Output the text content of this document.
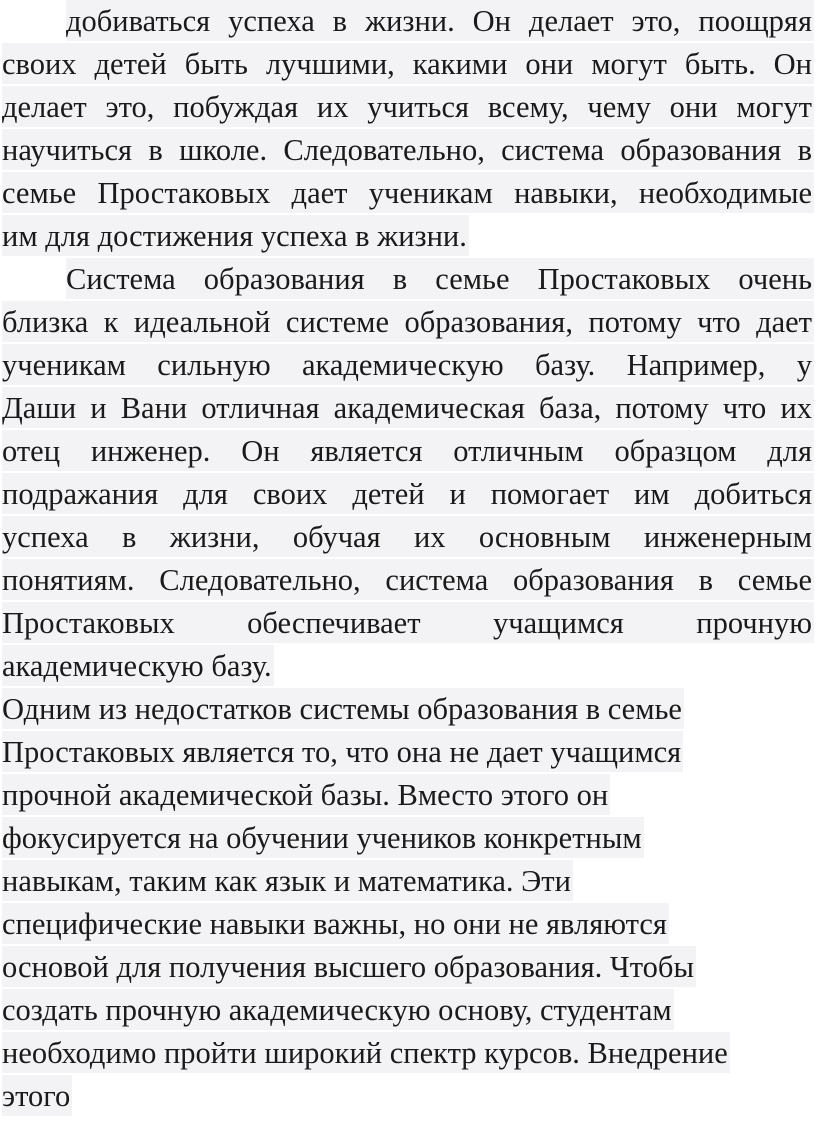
добиваться успеха в жизни. Он делает это, поощряя
своих детей быть лучшими, какими они могут быть. Он
делает это, побуждая их учиться всему, чему они могут
научиться в школе. Следовательно, система образования в
семье Простаковых дает ученикам навыки, необходимые
им для достижения успеха в жизни.
Система образования в семье Простаковых очень
близка к идеальной системе образования, потому что дает
ученикам сильную академическую базу. Например, у
Даши и Вани отличная академическая база, потому что их
отец инженер. Он является отличным образцом для
подражания для своих детей и помогает им добиться
успеха в жизни, обучая их основным инженерным
понятиям. Следовательно, система образования в семье
Простаковых обеспечивает учащимся прочную
академическую базу.
Одним из недостатков системы образования в семье
Простаковых является то, что она не дает учащимся
прочной академической базы. Вместо этого он
фокусируется на обучении учеников конкретным
навыкам, таким как язык и математика. Эти
специфические навыки важны, но они не являются
основой для получения высшего образования. Чтобы
создать прочную академическую основу, студентам
необходимо пройти широкий спектр курсов. Внедрение
этого
